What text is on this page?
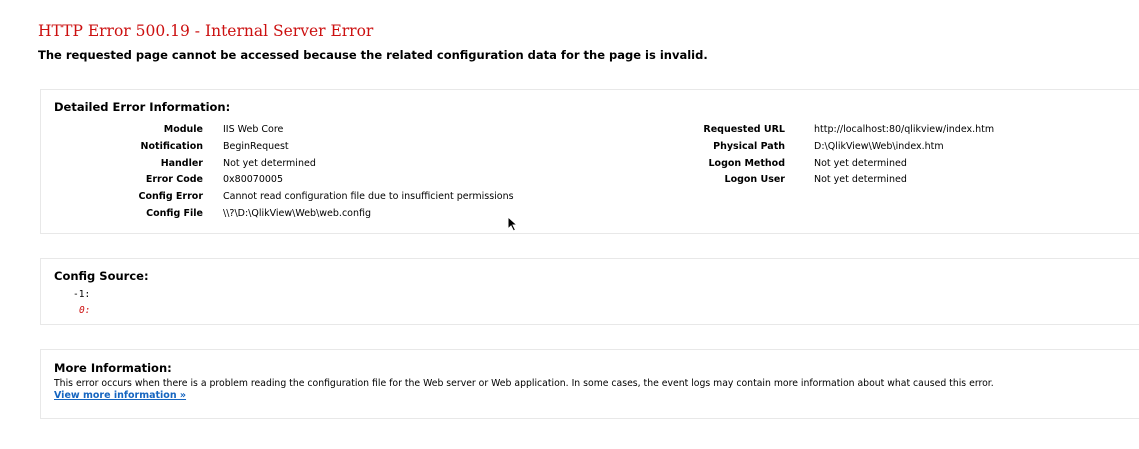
HTTP Error 500.19 - Internal Server Error
The requested page cannot be accessed because the related configuration data for the page is invalid.
Detailed Error Information:
Module
Notification
Handler
Error Code
Config Error
Config File
IIS Web Core
BeginRequest
Not yet determined
0x80070005
Cannot read configuration file due to insufficient permissions
\\?\D:\QlikView\Web\web.config
Requested URL
Physical Path
Logon Method
Logon User
http://localhost:80/qlikview/index.htm
D:\QlikView\Web\index.htm
Not yet determined
Not yet determined
Config Source:
-1:
0:
More Information:
This error occurs when there is a problem reading the configuration file for the Web server or Web application. In some cases, the event logs may contain more information about what caused this error.
View more information »
